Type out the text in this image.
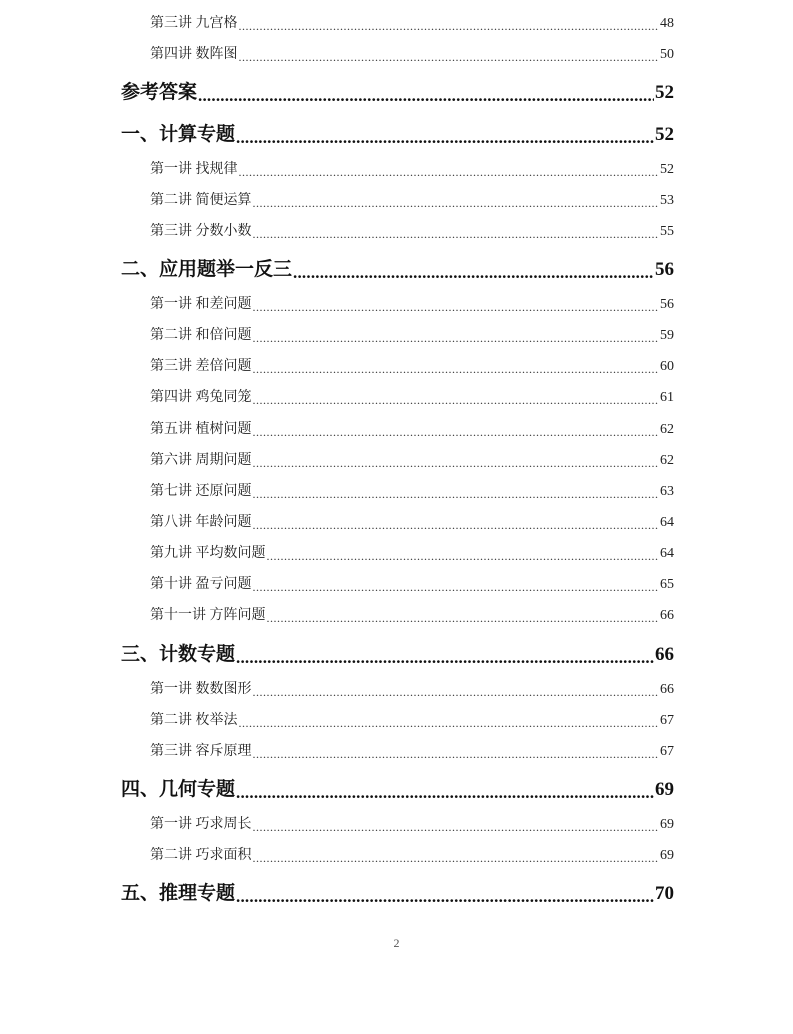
第三讲 九宫格 .....	48
第四讲 数阵图 .....	50
参考答案 .....	52
一、计算专题 .....	52
第一讲 找规律 .....	52
第二讲 简便运算 .....	53
第三讲 分数小数 .....	55
二、应用题举一反三 .....	56
第一讲 和差问题 .....	56
第二讲 和倍问题 .....	59
第三讲 差倍问题 .....	60
第四讲 鸡兔同笼 .....	61
第五讲 植树问题 .....	62
第六讲 周期问题 .....	62
第七讲 还原问题 .....	63
第八讲 年龄问题 .....	64
第九讲 平均数问题 .....	64
第十讲 盈亏问题 .....	65
第十一讲 方阵问题 .....	66
三、计数专题 .....	66
第一讲 数数图形 .....	66
第二讲 枚举法 .....	67
第三讲 容斥原理 .....	67
四、几何专题 .....	69
第一讲 巧求周长 .....	69
第二讲 巧求面积 .....	69
五、推理专题 .....	70
2
